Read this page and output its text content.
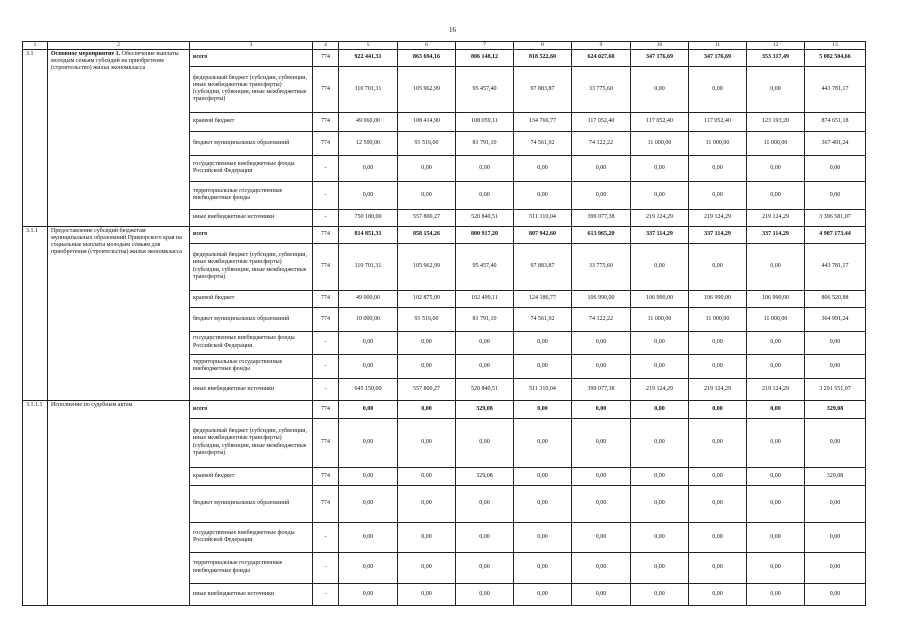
16
1	2	3	4	5	6	7	8	9	10	11	12	13
3.1	Основное мероприятие 1. Обеспечение выплаты молодым семьям субсидий на приобретение (строительство) жилья экономкласса	всего	774	922 441,31	863 694,16	806 148,12	818 522,60	624 027,60	347 176,69	347 176,69	353 317,49	5 082 504,66
		федеральный бюджет (субсидии, субвенции, иные межбюджетные трансферты) (субсидии, субвенции, иные межбюджетные трансферты)	774	110 701,31	105 962,99	95 457,40	97 883,87	33 775,60	0,00	0,00	0,00	443 781,17
		краевой бюджет	774	49 060,00	108 414,90	108 059,11	134 766,77	117 052,40	117 052,40	117 052,40	123 193,20	874 651,18
		бюджет муниципальных образований	774	12 500,00	91 516,00	81 791,10	74 561,92	74 122,22	11 000,00	11 000,00	11 000,00	367 491,24
		государственные внебюджетные фонды Российской Федерации	-	0,00	0,00	0,00	0,00	0,00	0,00	0,00	0,00	0,00
		территориальные государственные внебюджетные фонды	-	0,00	0,00	0,00	0,00	0,00	0,00	0,00	0,00	0,00
		иные внебюджетные источники	-	750 180,00	557 800,27	520 840,51	511 310,04	399 077,38	219 124,29	219 124,29	219 124,29	3 396 581,07
3.1.1	Предоставление субсидий бюджетам муниципальных образований Приморского края на социальные выплаты молодым семьям для приобретения (строительства) жилья экономкласса	всего	774	814 851,31	858 154,26	800 917,20	807 942,60	613 965,20	337 114,29	337 114,29	337 114,29	4 907 173,44
		федеральный бюджет (субсидии, субвенции, иные межбюджетные трансферты) (субсидии, субвенции, иные межбюджетные трансферты)	774	110 701,31	105 962,99	95 457,40	97 883,87	33 775,60	0,00	0,00	0,00	443 781,17
		краевой бюджет	774	49 000,00	102 875,00	102 499,11	124 186,77	106 990,00	106 990,00	106 990,00	106 990,00	806 520,88
		бюджет муниципальных образований	774	10 000,00	91 516,00	81 791,10	74 561,92	74 122,22	11 000,00	11 000,00	11 000,00	364 991,24
		государственные внебюджетные фонды Российской Федерации	-	0,00	0,00	0,00	0,00	0,00	0,00	0,00	0,00	0,00
		территориальные государственные внебюджетные фонды	-	0,00	0,00	0,00	0,00	0,00	0,00	0,00	0,00	0,00
		иные внебюджетные источники	-	645 150,00	557 800,27	520 840,51	511 310,04	399 077,38	219 124,29	219 124,29	219 124,29	3 291 551,07
3.1.1.1	Исполнение по судебным актам	всего	774	0,00	0,00	329,08	0,00	0,00	0,00	0,00	0,00	329,08
		федеральный бюджет (субсидии, субвенции, иные межбюджетные трансферты) (субсидии, субвенции, иные межбюджетные трансферты)	774	0,00	0,00	0,00	0,00	0,00	0,00	0,00	0,00	0,00
		краевой бюджет	774	0,00	0,00	329,08	0,00	0,00	0,00	0,00	0,00	329,08
		бюджет муниципальных образований	774	0,00	0,00	0,00	0,00	0,00	0,00	0,00	0,00	0,00
		государственные внебюджетные фонды Российской Федерации	-	0,00	0,00	0,00	0,00	0,00	0,00	0,00	0,00	0,00
		территориальные государственные внебюджетные фонды	-	0,00	0,00	0,00	0,00	0,00	0,00	0,00	0,00	0,00
		иные внебюджетные источники	-	0,00	0,00	0,00	0,00	0,00	0,00	0,00	0,00	0,00
